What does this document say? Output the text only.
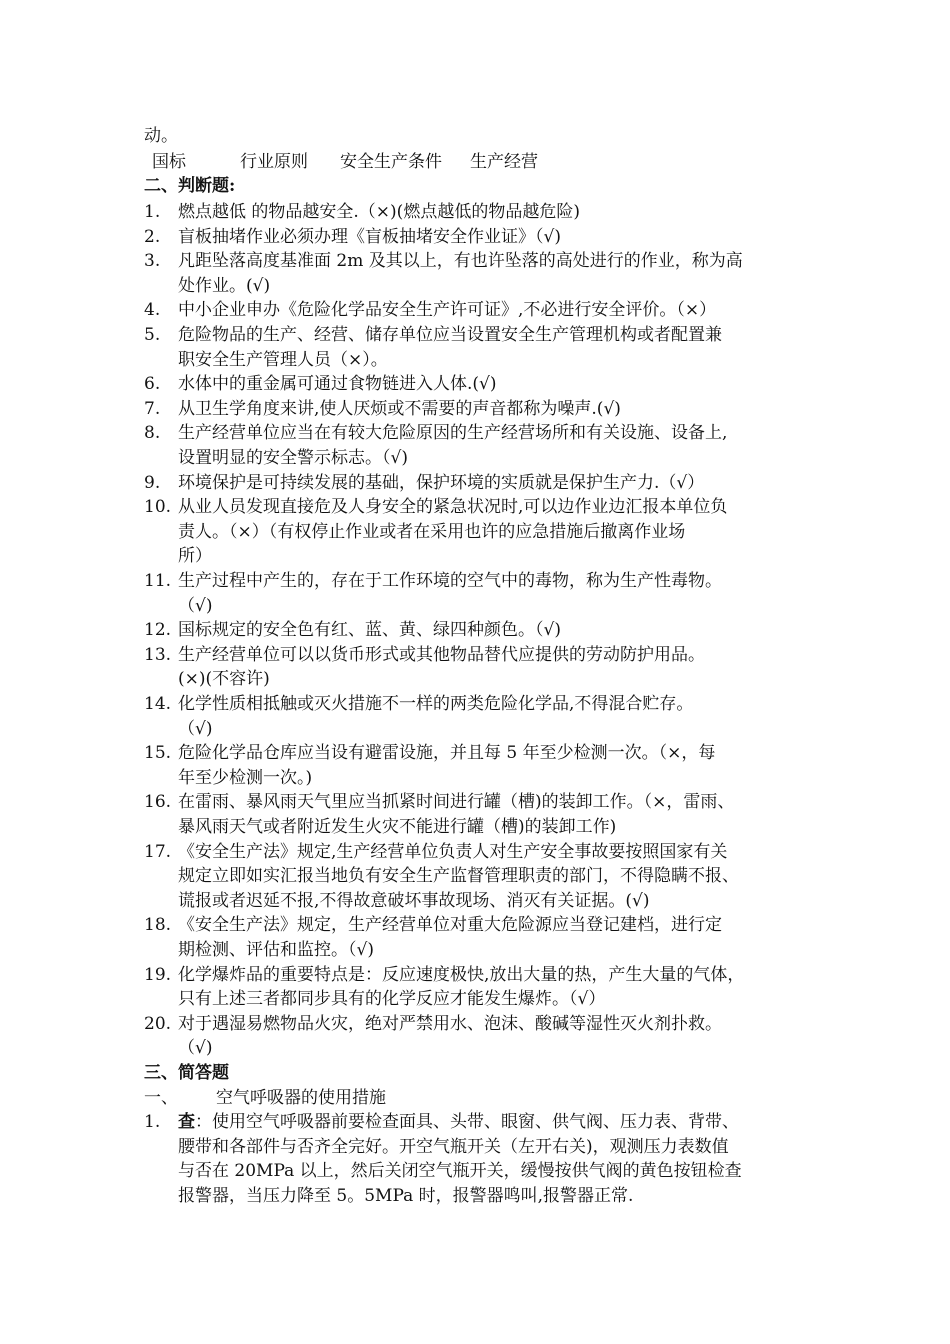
动。
国标	行业原则 安全生产条件 生产经营
二、判断题:
1. 燃点越低 的物品越安全.（×)(燃点越低的物品越危险)
2. 盲板抽堵作业必须办理《盲板抽堵安全作业证》（√)
3. 凡距坠落高度基准面 2m 及其以上，有也许坠落的高处进行的作业，称为高
处作业。(√)
4. 中小企业申办《危险化学品安全生产许可证》,不必进行安全评价。（×）
5. 危险物品的生产、经营、储存单位应当设置安全生产管理机构或者配置兼
职安全生产管理人员（×）。
6. 水体中的重金属可通过食物链进入人体.(√)
7. 从卫生学角度来讲,使人厌烦或不需要的声音都称为噪声.(√)
8. 生产经营单位应当在有较大危险原因的生产经营场所和有关设施、设备上,
设置明显的安全警示标志。（√)
9. 环境保护是可持续发展的基础，保护环境的实质就是保护生产力.（√）
10. 从业人员发现直接危及人身安全的紧急状况时,可以边作业边汇报本单位负
责人。（×）（有权停止作业或者在采用也许的应急措施后撤离作业场
所）
11. 生产过程中产生的，存在于工作环境的空气中的毒物，称为生产性毒物。
（√)
12. 国标规定的安全色有红、蓝、黄、绿四种颜色。（√)
13. 生产经营单位可以以货币形式或其他物品替代应提供的劳动防护用品。
(×)(不容许)
14. 化学性质相抵触或灭火措施不一样的两类危险化学品,不得混合贮存。
（√)
15. 危险化学品仓库应当设有避雷设施，并且每 5 年至少检测一次。（×，每
年至少检测一次。)
16. 在雷雨、暴风雨天气里应当抓紧时间进行罐（槽)的装卸工作。（×，雷雨、
暴风雨天气或者附近发生火灾不能进行罐（槽)的装卸工作)
17. 《安全生产法》规定,生产经营单位负责人对生产安全事故要按照国家有关
规定立即如实汇报当地负有安全生产监督管理职责的部门，不得隐瞒不报、
谎报或者迟延不报,不得故意破坏事故现场、消灭有关证据。(√)
18. 《安全生产法》规定，生产经营单位对重大危险源应当登记建档，进行定
期检测、评估和监控。（√)
19. 化学爆炸品的重要特点是：反应速度极快,放出大量的热，产生大量的气体，
只有上述三者都同步具有的化学反应才能发生爆炸。（√）
20. 对于遇湿易燃物品火灾，绝对严禁用水、泡沫、酸碱等湿性灭火剂扑救。
（√)
三、简答题
一、 空气呼吸器的使用措施
1. 查：使用空气呼吸器前要检查面具、头带、眼窗、供气阀、压力表、背带、
腰带和各部件与否齐全完好。开空气瓶开关（左开右关)，观测压力表数值
与否在 20MPa 以上，然后关闭空气瓶开关，缓慢按供气阀的黄色按钮检查
报警器，当压力降至 5。5MPa 时，报警器鸣叫,报警器正常.
